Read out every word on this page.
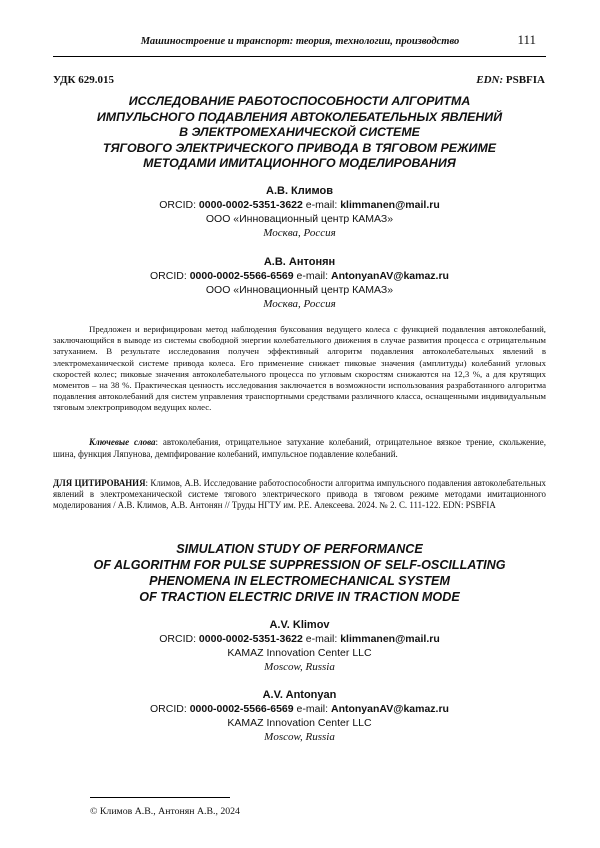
Машиностроение и транспорт: теория, технологии, производство	111
УДК 629.015	EDN: PSBFIA
ИССЛЕДОВАНИЕ РАБОТОСПОСОБНОСТИ АЛГОРИТМА
ИМПУЛЬСНОГО ПОДАВЛЕНИЯ АВТОКОЛЕБАТЕЛЬНЫХ ЯВЛЕНИЙ
В ЭЛЕКТРОМЕХАНИЧЕСКОЙ СИСТЕМЕ
ТЯГОВОГО ЭЛЕКТРИЧЕСКОГО ПРИВОДА В ТЯГОВОМ РЕЖИМЕ
МЕТОДАМИ ИМИТАЦИОННОГО МОДЕЛИРОВАНИЯ
А.В. Климов
ORCID: 0000-0002-5351-3622 e-mail: klimmanen@mail.ru
ООО «Инновационный центр КАМАЗ»
Москва, Россия
А.В. Антонян
ORCID: 0000-0002-5566-6569 e-mail: AntonyanAV@kamaz.ru
ООО «Инновационный центр КАМАЗ»
Москва, Россия

Предложен и верифицирован метод наблюдения буксования ведущего колеса с функцией подавления автоколебаний, заключающийся в выводе из системы свободной энергии колебательного движения в случае развития процесса с отрицательным затуханием. В результате исследования получен эффективный алгоритм подавления автоколебательных явлений в электромеханической системе привода колеса. Его применение снижает пиковые значения (амплитуды) колебаний угловых скоростей колес; пиковые значения автоколебательного процесса по угловым скоростям снижаются на 12,3 %, а для крутящих моментов – на 38 %. Практическая ценность исследования заключается в возможности использования разработанного алгоритма подавления автоколебаний для систем управления транспортными средствами различного класса, оснащенными индивидуальным тяговым электроприводом ведущих колес.

Ключевые слова: автоколебания, отрицательное затухание колебаний, отрицательное вязкое трение, скольжение, шина, функция Ляпунова, демпфирование колебаний, импульсное подавление колебаний.

ДЛЯ ЦИТИРОВАНИЯ: Климов, А.В. Исследование работоспособности алгоритма импульсного подавления автоколебательных явлений в электромеханической системе тягового электрического привода в тяговом режиме методами имитационного моделирования / А.В. Климов, А.В. Антонян // Труды НГТУ им. Р.Е. Алексеева. 2024. № 2. С. 111-122. EDN: PSBFIA
SIMULATION STUDY OF PERFORMANCE
OF ALGORITHM FOR PULSE SUPPRESSION OF SELF-OSCILLATING
PHENOMENA IN ELECTROMECHANICAL SYSTEM
OF TRACTION ELECTRIC DRIVE IN TRACTION MODE
A.V. Klimov
ORCID: 0000-0002-5351-3622 e-mail: klimmanen@mail.ru
KAMAZ Innovation Center LLC
Moscow, Russia
A.V. Antonyan
ORCID: 0000-0002-5566-6569 e-mail: AntonyanAV@kamaz.ru
KAMAZ Innovation Center LLC
Moscow, Russia
© Климов А.В., Антонян А.В., 2024
